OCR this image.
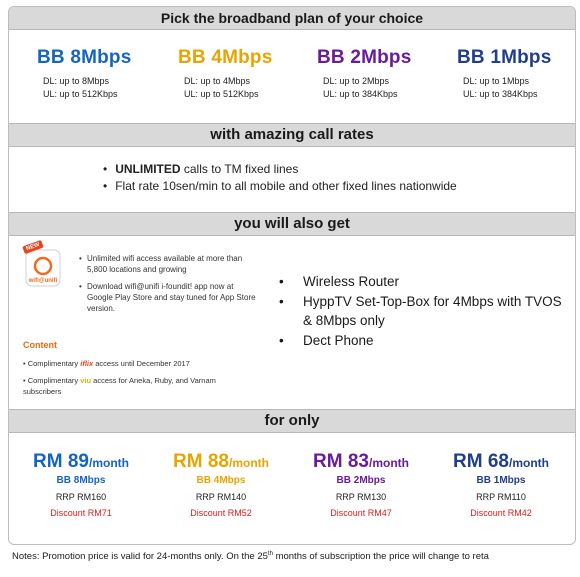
Pick the broadband plan of your choice
BB 8Mbps
DL: up to 8Mbps
UL: up to 512Kbps
BB 4Mbps
DL: up to 4Mbps
UL: up to 512Kbps
BB 2Mbps
DL: up to 2Mbps
UL: up to 384Kbps
BB 1Mbps
DL: up to 1Mbps
UL: up to 384Kbps
with amazing call rates
• UNLIMITED calls to TM fixed lines
• Flat rate 10sen/min to all mobile and other fixed lines nationwide
you will also get
wifi@unifi
NEW
• Unlimited wifi access available at more than 5,800 locations and growing
• Download wifi@unifi i-foundit! app now at Google Play Store and stay tuned for App Store version.
Content
• Complimentary iflix access until December 2017
• Complimentary viu access for Aneka, Ruby, and Varnam subscribers
• Wireless Router
• HyppTV Set-Top-Box for 4Mbps with TVOS & 8Mbps only
• Dect Phone
for only
RM 89/month
BB 8Mbps
RRP RM160
Discount RM71
RM 88/month
BB 4Mbps
RRP RM140
Discount RM52
RM 83/month
BB 2Mbps
RRP RM130
Discount RM47
RM 68/month
BB 1Mbps
RRP RM110
Discount RM42
Notes: Promotion price is valid for 24-months only. On the 25th months of subscription the price will change to reta
